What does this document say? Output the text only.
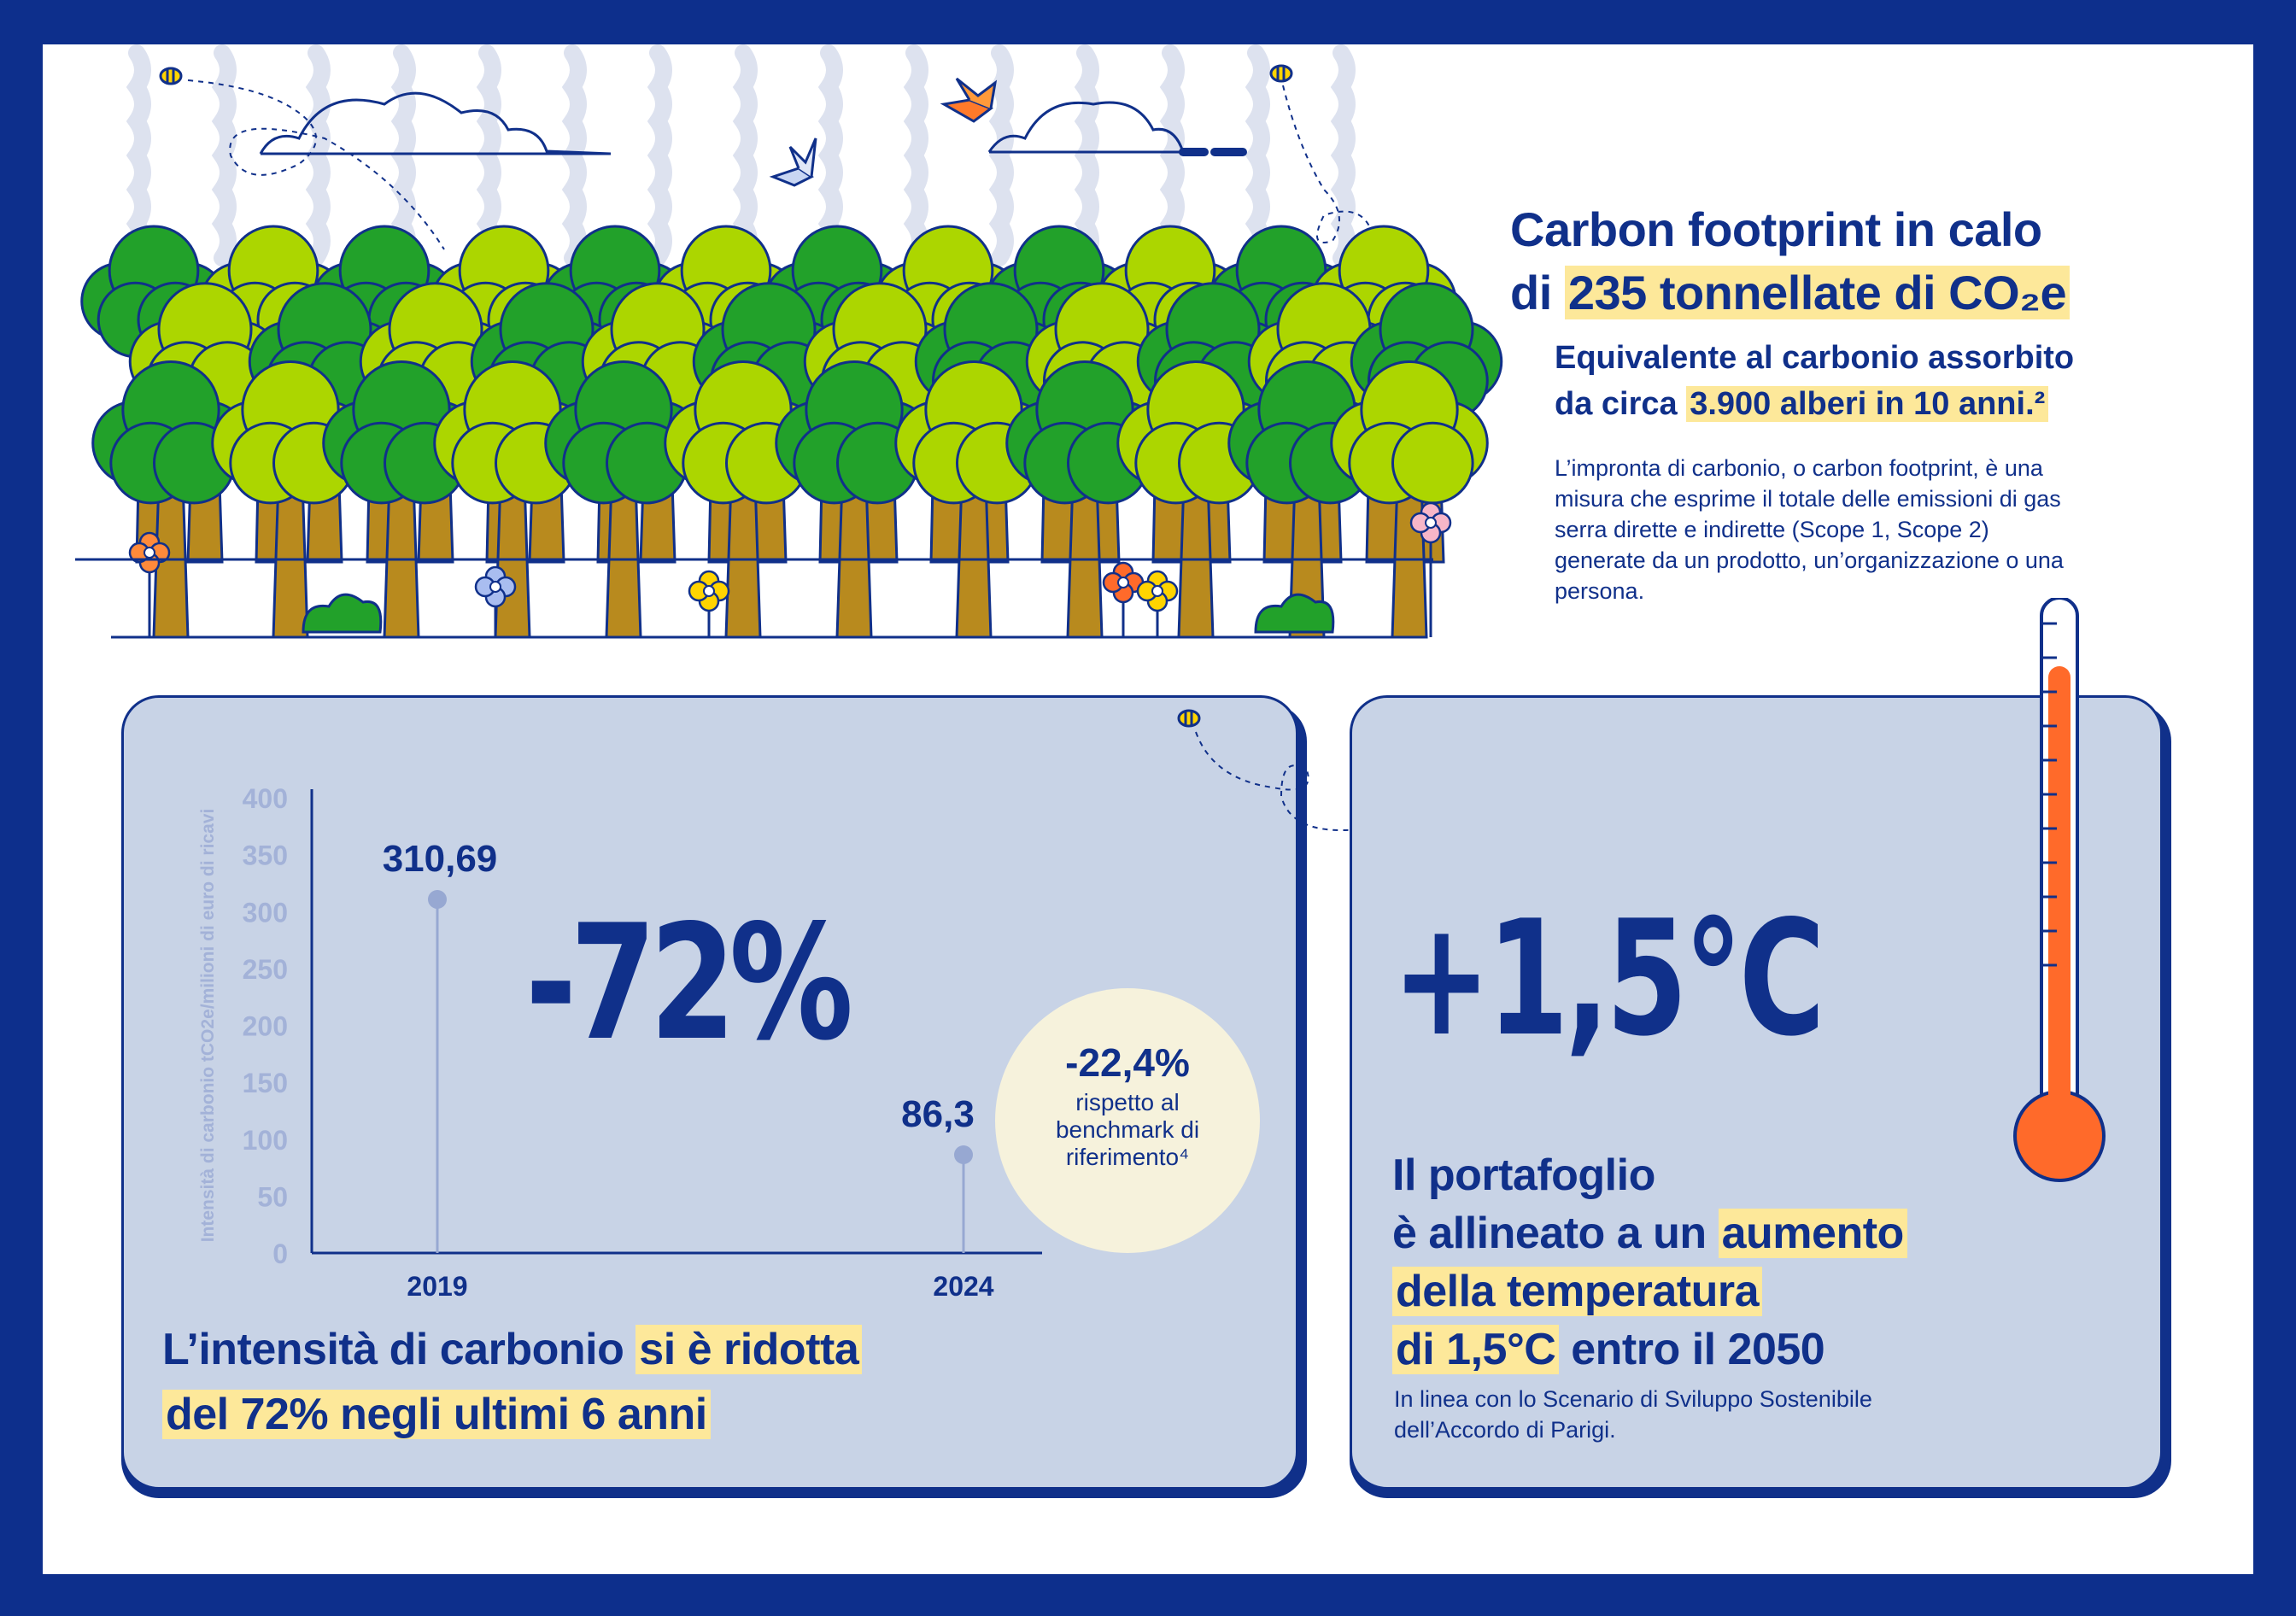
Carbon footprint in calo
di 235 tonnellate di CO₂e
Equivalente al carbonio assorbito
da circa 3.900 alberi in 10 anni.²
L’impronta di carbonio, o carbon footprint, è una misura che esprime il totale delle emissioni di gas serra dirette e indirette (Scope 1, Scope 2) generate da un prodotto, un’organizzazione o una persona.
0
50
100
150
200
250
300
350
400
Intensità di carbonio tCO2e/milioni di euro di ricavi	310,69
2019
86,3
2024
-72%	-22,4%
rispetto al benchmark di riferimento⁴
L’intensità di carbonio si è ridotta
del 72% negli ultimi 6 anni
+1,5°C
Il portafoglio
è allineato a un aumento
della temperatura
di 1,5°C entro il 2050
In linea con lo Scenario di Sviluppo Sostenibile dell’Accordo di Parigi.
